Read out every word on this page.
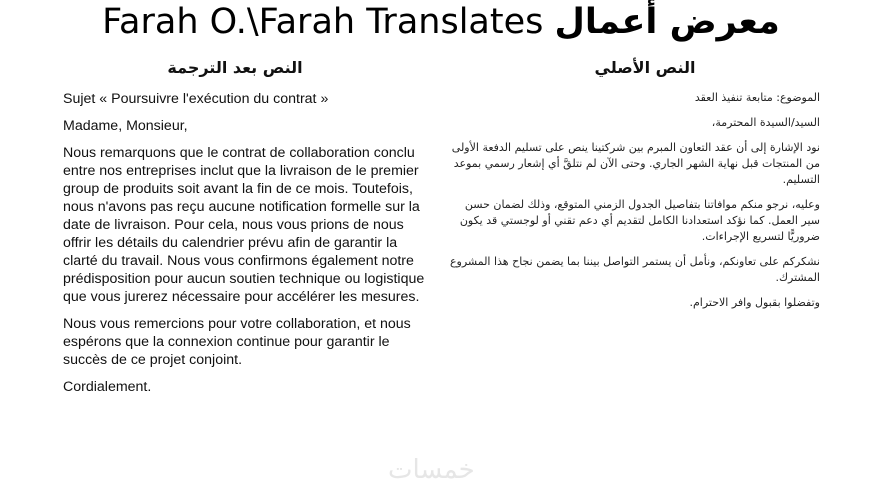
Farah O.\Farah Translates معرض أعمال
النص بعد الترجمة	النص الأصلي

Sujet « Poursuivre l'exécution du contrat »

Madame, Monsieur,

Nous remarquons que le contrat de collaboration conclu entre nos entreprises inclut que la livraison de le premier group de produits soit avant la fin de ce mois. Toutefois, nous n'avons pas reçu aucune notification formelle sur la date de livraison. Pour cela, nous vous prions de nous offrir les détails du calendrier prévu afin de garantir la clarté du travail. Nous vous confirmons également notre prédisposition pour aucun soutien technique ou logistique que vous jurerez nécessaire pour accélérer les mesures.

Nous vous remercions pour votre collaboration, et nous espérons que la connexion continue pour garantir le succès de ce projet conjoint.

Cordialement.

الموضوع: متابعة تنفيذ العقد

السيد/السيدة المحترمة،

نود الإشارة إلى أن عقد التعاون المبرم بين شركتينا ينص على تسليم الدفعة الأولى من المنتجات قبل نهاية الشهر الجاري. وحتى الآن لم نتلقَّ أي إشعار رسمي بموعد التسليم.

وعليه، نرجو منكم موافاتنا بتفاصيل الجدول الزمني المتوقع، وذلك لضمان حسن سير العمل. كما نؤكد استعدادنا الكامل لتقديم أي دعم تقني أو لوجستي قد يكون ضروريًّا لتسريع الإجراءات.

نشكركم على تعاونكم، ونأمل أن يستمر التواصل بيننا بما يضمن نجاح هذا المشروع المشترك.

وتفضلوا بقبول وافر الاحترام.

خمسات
